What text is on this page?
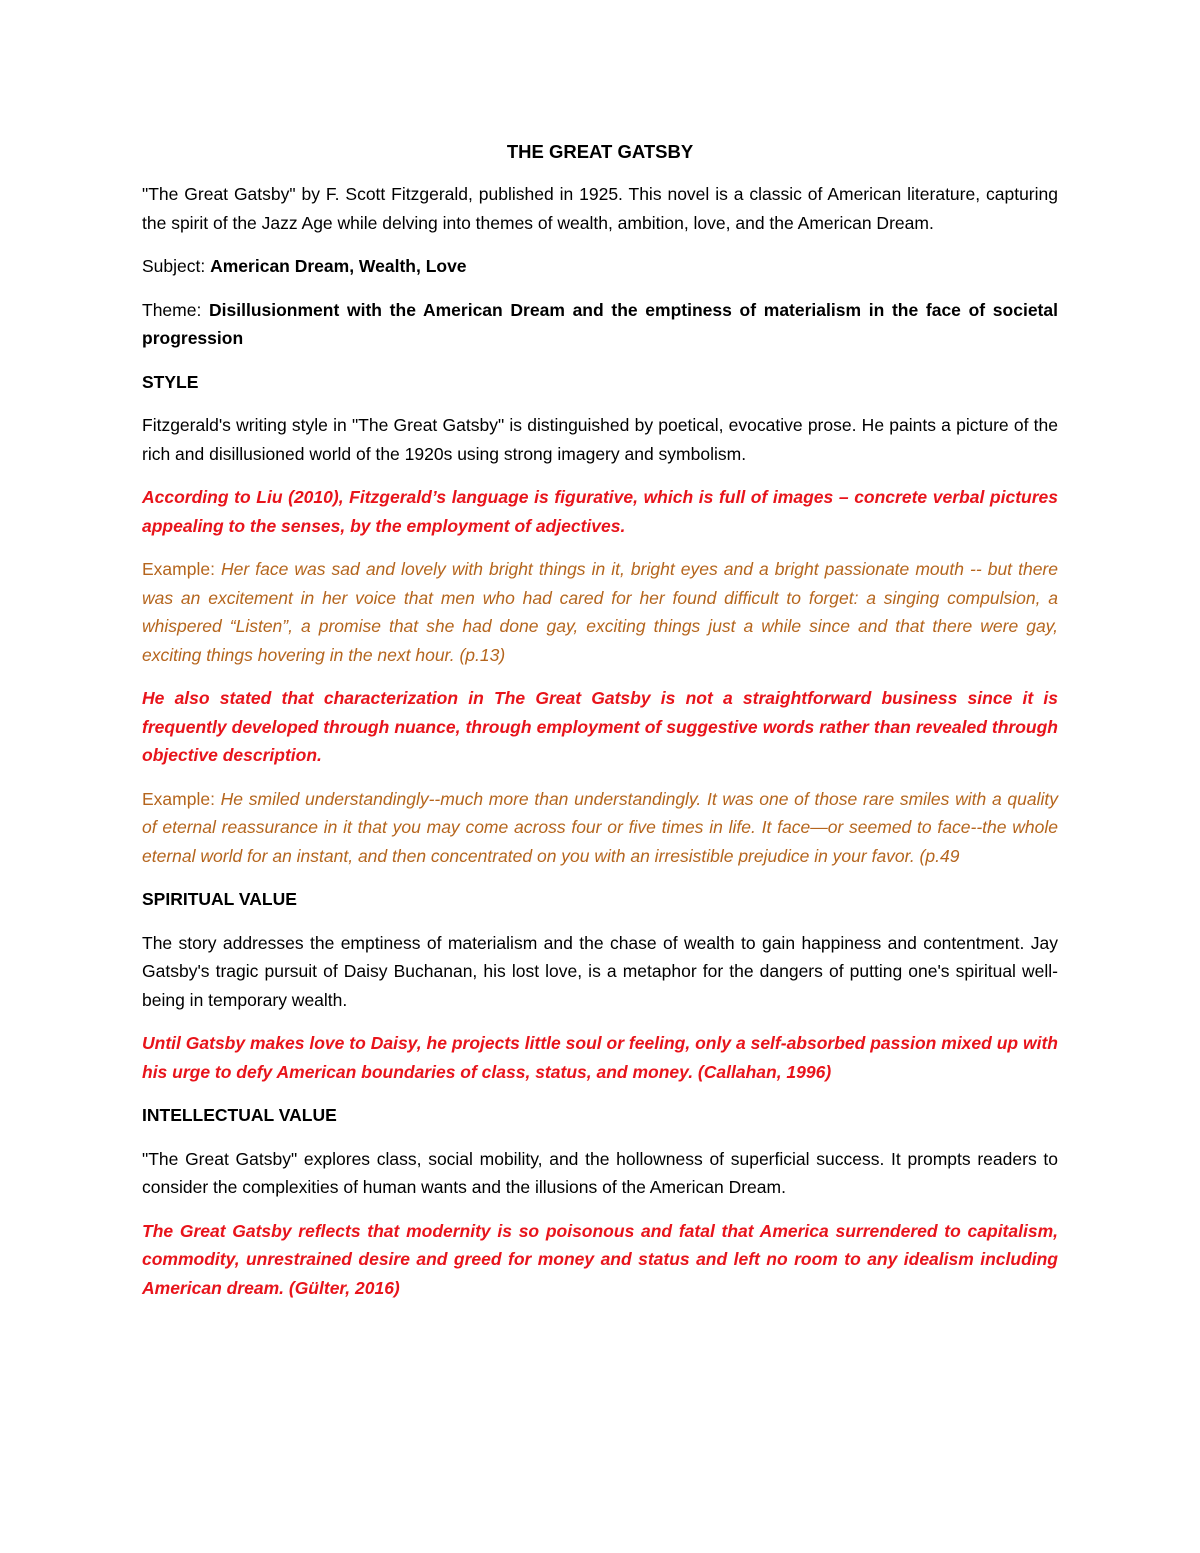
THE GREAT GATSBY

"The Great Gatsby" by F. Scott Fitzgerald, published in 1925. This novel is a classic of American literature, capturing the spirit of the Jazz Age while delving into themes of wealth, ambition, love, and the American Dream.

Subject: American Dream, Wealth, Love

Theme: Disillusionment with the American Dream and the emptiness of materialism in the face of societal progression

STYLE

Fitzgerald's writing style in "The Great Gatsby" is distinguished by poetical, evocative prose. He paints a picture of the rich and disillusioned world of the 1920s using strong imagery and symbolism.

According to Liu (2010), Fitzgerald’s language is figurative, which is full of images – concrete verbal pictures appealing to the senses, by the employment of adjectives.

Example: Her face was sad and lovely with bright things in it, bright eyes and a bright passionate mouth -- but there was an excitement in her voice that men who had cared for her found difficult to forget: a singing compulsion, a whispered “Listen”, a promise that she had done gay, exciting things just a while since and that there were gay, exciting things hovering in the next hour. (p.13)

He also stated that characterization in The Great Gatsby is not a straightforward business since it is frequently developed through nuance, through employment of suggestive words rather than revealed through objective description.

Example: He smiled understandingly--much more than understandingly. It was one of those rare smiles with a quality of eternal reassurance in it that you may come across four or five times in life. It face—or seemed to face--the whole eternal world for an instant, and then concentrated on you with an irresistible prejudice in your favor. (p.49

SPIRITUAL VALUE

The story addresses the emptiness of materialism and the chase of wealth to gain happiness and contentment. Jay Gatsby's tragic pursuit of Daisy Buchanan, his lost love, is a metaphor for the dangers of putting one's spiritual well-being in temporary wealth.

Until Gatsby makes love to Daisy, he projects little soul or feeling, only a self-absorbed passion mixed up with his urge to defy American boundaries of class, status, and money. (Callahan, 1996)

INTELLECTUAL VALUE

"The Great Gatsby" explores class, social mobility, and the hollowness of superficial success. It prompts readers to consider the complexities of human wants and the illusions of the American Dream.

The Great Gatsby reflects that modernity is so poisonous and fatal that America surrendered to capitalism, commodity, unrestrained desire and greed for money and status and left no room to any idealism including American dream. (Gülter, 2016)
